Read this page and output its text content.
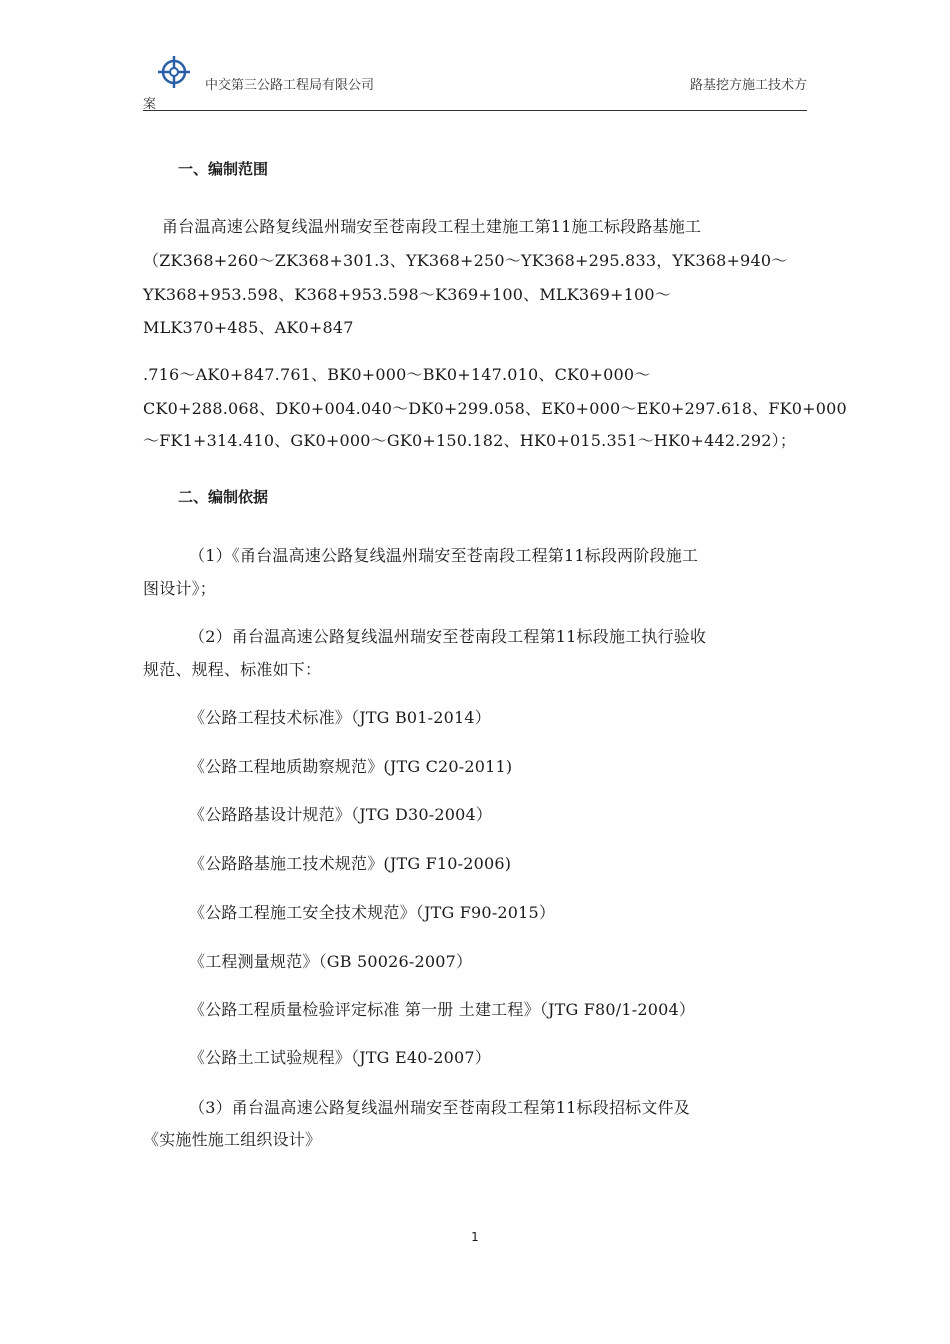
中交第三公路工程局有限公司	路基挖方施工技术方
案
一、编制范围
甬台温高速公路复线温州瑞安至苍南段工程土建施工第11施工标段路基施工
（ZK368+260～ZK368+301.3、YK368+250～YK368+295.833，YK368+940～
YK368+953.598、K368+953.598～K369+100、MLK369+100～
MLK370+485、AK0+847
.716～AK0+847.761、BK0+000～BK0+147.010、CK0+000～
CK0+288.068、DK0+004.040～DK0+299.058、EK0+000～EK0+297.618、FK0+000
～FK1+314.410、GK0+000～GK0+150.182、HK0+015.351～HK0+442.292）；
二、编制依据
（1）《甬台温高速公路复线温州瑞安至苍南段工程第11标段两阶段施工
图设计》；
（2）甬台温高速公路复线温州瑞安至苍南段工程第11标段施工执行验收
规范、规程、标准如下：
《公路工程技术标准》（JTG B01-2014）
《公路工程地质勘察规范》(JTG C20-2011)
《公路路基设计规范》（JTG D30-2004）
《公路路基施工技术规范》(JTG F10-2006)
《公路工程施工安全技术规范》（JTG F90-2015）
《工程测量规范》（GB 50026-2007）
《公路工程质量检验评定标准 第一册 土建工程》（JTG F80/1-2004）
《公路土工试验规程》（JTG E40-2007）
（3）甬台温高速公路复线温州瑞安至苍南段工程第11标段招标文件及
《实施性施工组织设计》
1
